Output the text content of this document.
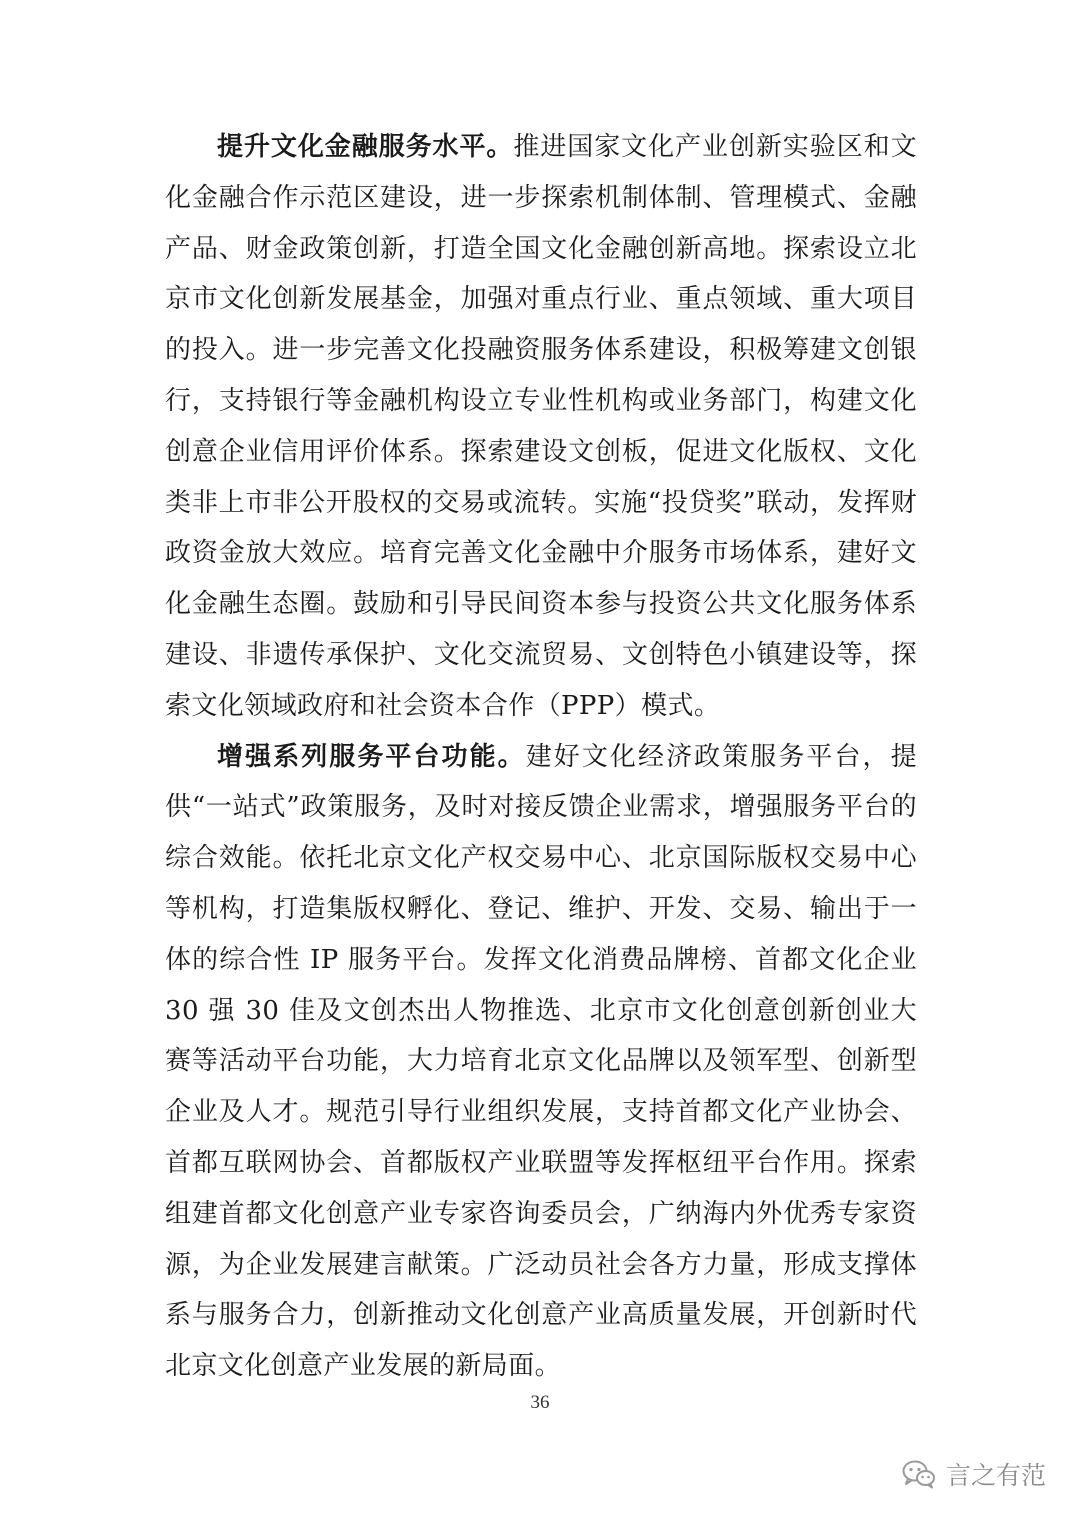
提升文化金融服务水平。推进国家文化产业创新实验区和文化金融合作示范区建设，进一步探索机制体制、管理模式、金融产品、财金政策创新，打造全国文化金融创新高地。探索设立北京市文化创新发展基金，加强对重点行业、重点领域、重大项目的投入。进一步完善文化投融资服务体系建设，积极筹建文创银行，支持银行等金融机构设立专业性机构或业务部门，构建文化创意企业信用评价体系。探索建设文创板，促进文化版权、文化类非上市非公开股权的交易或流转。实施“投贷奖”联动，发挥财政资金放大效应。培育完善文化金融中介服务市场体系，建好文化金融生态圈。鼓励和引导民间资本参与投资公共文化服务体系建设、非遗传承保护、文化交流贸易、文创特色小镇建设等，探索文化领域政府和社会资本合作（PPP）模式。

增强系列服务平台功能。建好文化经济政策服务平台，提供“一站式”政策服务，及时对接反馈企业需求，增强服务平台的综合效能。依托北京文化产权交易中心、北京国际版权交易中心等机构，打造集版权孵化、登记、维护、开发、交易、输出于一体的综合性 IP 服务平台。发挥文化消费品牌榜、首都文化企业 30 强 30 佳及文创杰出人物推选、北京市文化创意创新创业大赛等活动平台功能，大力培育北京文化品牌以及领军型、创新型企业及人才。规范引导行业组织发展，支持首都文化产业协会、首都互联网协会、首都版权产业联盟等发挥枢纽平台作用。探索组建首都文化创意产业专家咨询委员会，广纳海内外优秀专家资源，为企业发展建言献策。广泛动员社会各方力量，形成支撑体系与服务合力，创新推动文化创意产业高质量发展，开创新时代北京文化创意产业发展的新局面。

36
言之有范
